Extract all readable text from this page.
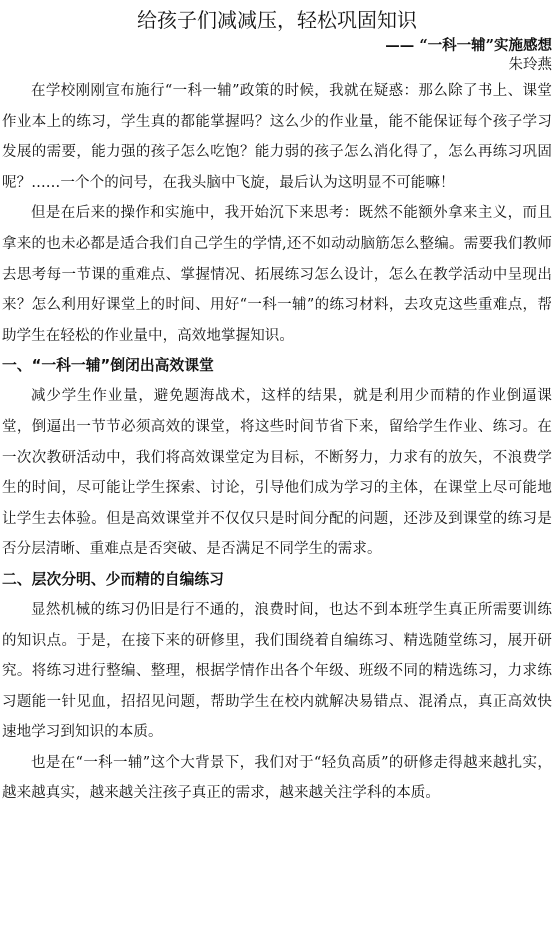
给孩子们减减压，轻松巩固知识
—— “一科一辅”实施感想
朱玲燕

在学校刚刚宣布施行“一科一辅”政策的时候，我就在疑惑：那么除了书上、课堂作业本上的练习，学生真的都能掌握吗？这么少的作业量，能不能保证每个孩子学习发展的需要，能力强的孩子怎么吃饱？能力弱的孩子怎么消化得了，怎么再练习巩固呢？……一个个的问号，在我头脑中飞旋，最后认为这明显不可能嘛！

但是在后来的操作和实施中，我开始沉下来思考：既然不能额外拿来主义，而且拿来的也未必都是适合我们自己学生的学情,还不如动动脑筋怎么整编。需要我们教师去思考每一节课的重难点、掌握情况、拓展练习怎么设计，怎么在教学活动中呈现出来？怎么利用好课堂上的时间、用好“一科一辅”的练习材料，去攻克这些重难点，帮助学生在轻松的作业量中，高效地掌握知识。

一、“一科一辅”倒闭出高效课堂

减少学生作业量，避免题海战术，这样的结果，就是利用少而精的作业倒逼课堂，倒逼出一节节必须高效的课堂，将这些时间节省下来，留给学生作业、练习。在一次次教研活动中，我们将高效课堂定为目标，不断努力，力求有的放矢，不浪费学生的时间，尽可能让学生探索、讨论，引导他们成为学习的主体，在课堂上尽可能地让学生去体验。但是高效课堂并不仅仅只是时间分配的问题，还涉及到课堂的练习是否分层清晰、重难点是否突破、是否满足不同学生的需求。

二、层次分明、少而精的自编练习

显然机械的练习仍旧是行不通的，浪费时间，也达不到本班学生真正所需要训练的知识点。于是，在接下来的研修里，我们围绕着自编练习、精选随堂练习，展开研究。将练习进行整编、整理，根据学情作出各个年级、班级不同的精选练习，力求练习题能一针见血，招招见问题，帮助学生在校内就解决易错点、混淆点，真正高效快速地学习到知识的本质。

也是在“一科一辅”这个大背景下，我们对于“轻负高质”的研修走得越来越扎实，越来越真实，越来越关注孩子真正的需求，越来越关注学科的本质。
